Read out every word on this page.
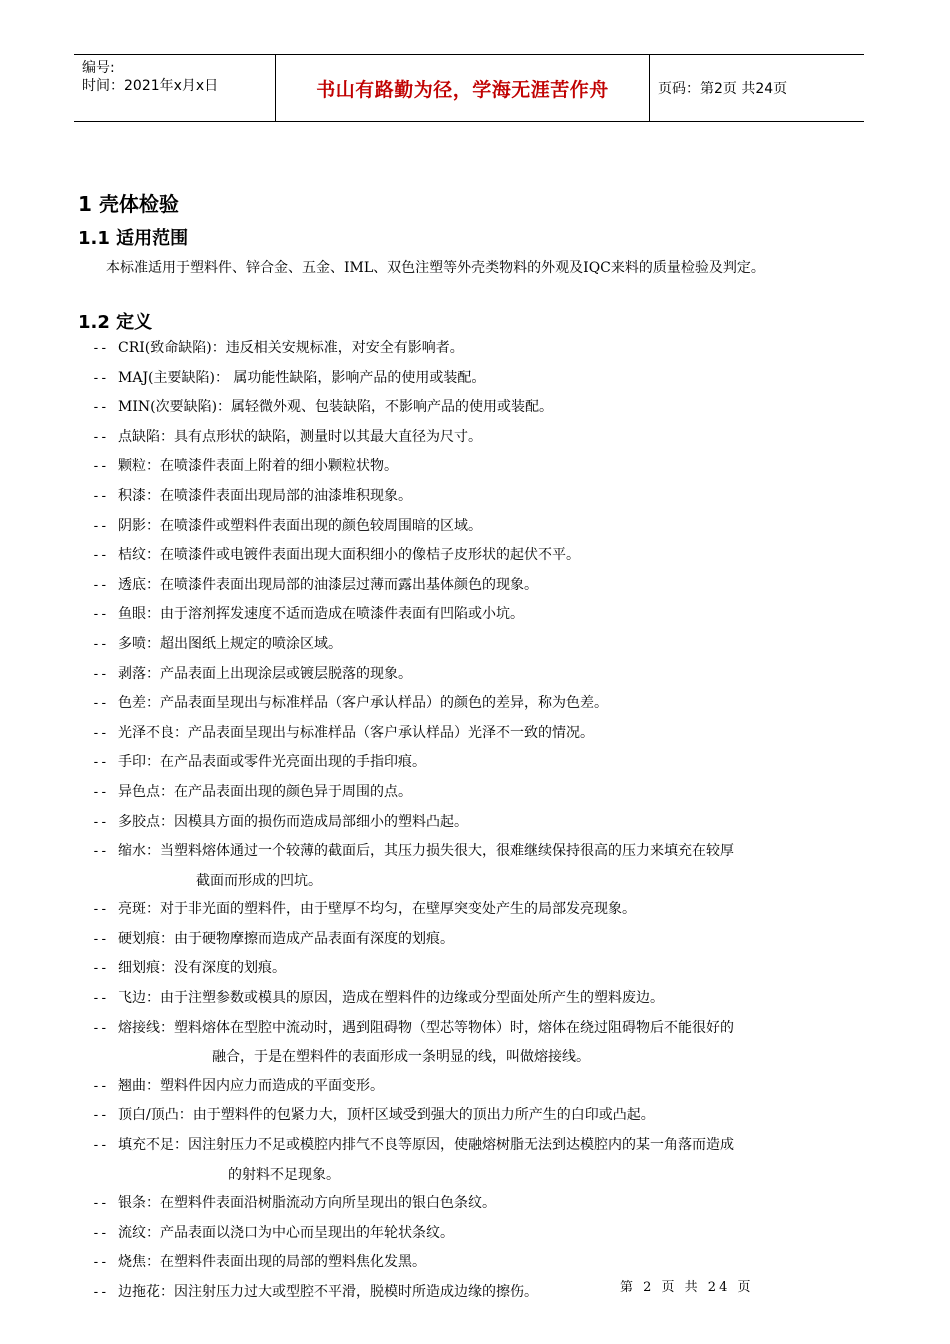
编号:
时间：2021年x月x日	书山有路勤为径，学海无涯苦作舟	页码：第2页 共24页
1 壳体检验
1.1 适用范围
本标准适用于塑料件、锌合金、五金、IML、双色注塑等外壳类物料的外观及IQC来料的质量检验及判定。
1.2 定义
-- CRI(致命缺陷)：违反相关安规标准，对安全有影响者。
-- MAJ(主要缺陷)： 属功能性缺陷，影响产品的使用或装配。
-- MIN(次要缺陷)：属轻微外观、包装缺陷，不影响产品的使用或装配。
-- 点缺陷：具有点形状的缺陷，测量时以其最大直径为尺寸。
-- 颗粒：在喷漆件表面上附着的细小颗粒状物。
-- 积漆：在喷漆件表面出现局部的油漆堆积现象。
-- 阴影：在喷漆件或塑料件表面出现的颜色较周围暗的区域。
-- 桔纹：在喷漆件或电镀件表面出现大面积细小的像桔子皮形状的起伏不平。
-- 透底：在喷漆件表面出现局部的油漆层过薄而露出基体颜色的现象。
-- 鱼眼：由于溶剂挥发速度不适而造成在喷漆件表面有凹陷或小坑。
-- 多喷：超出图纸上规定的喷涂区域。
-- 剥落：产品表面上出现涂层或镀层脱落的现象。
-- 色差：产品表面呈现出与标准样品（客户承认样品）的颜色的差异，称为色差。
-- 光泽不良：产品表面呈现出与标准样品（客户承认样品）光泽不一致的情况。
-- 手印：在产品表面或零件光亮面出现的手指印痕。
-- 异色点：在产品表面出现的颜色异于周围的点。
-- 多胶点：因模具方面的损伤而造成局部细小的塑料凸起。
-- 缩水：当塑料熔体通过一个较薄的截面后，其压力损失很大，很难继续保持很高的压力来填充在较厚
截面而形成的凹坑。
-- 亮斑：对于非光面的塑料件，由于壁厚不均匀，在壁厚突变处产生的局部发亮现象。
-- 硬划痕：由于硬物摩擦而造成产品表面有深度的划痕。
-- 细划痕：没有深度的划痕。
-- 飞边：由于注塑参数或模具的原因，造成在塑料件的边缘或分型面处所产生的塑料废边。
-- 熔接线：塑料熔体在型腔中流动时，遇到阻碍物（型芯等物体）时，熔体在绕过阻碍物后不能很好的
融合，于是在塑料件的表面形成一条明显的线，叫做熔接线。
-- 翘曲：塑料件因内应力而造成的平面变形。
-- 顶白/顶凸：由于塑料件的包紧力大，顶杆区域受到强大的顶出力所产生的白印或凸起。
-- 填充不足：因注射压力不足或模腔内排气不良等原因，使融熔树脂无法到达模腔内的某一角落而造成
的射料不足现象。
-- 银条：在塑料件表面沿树脂流动方向所呈现出的银白色条纹。
-- 流纹：产品表面以浇口为中心而呈现出的年轮状条纹。
-- 烧焦：在塑料件表面出现的局部的塑料焦化发黑。
-- 边拖花：因注射压力过大或型腔不平滑，脱模时所造成边缘的擦伤。	第 2 页 共 24 页
